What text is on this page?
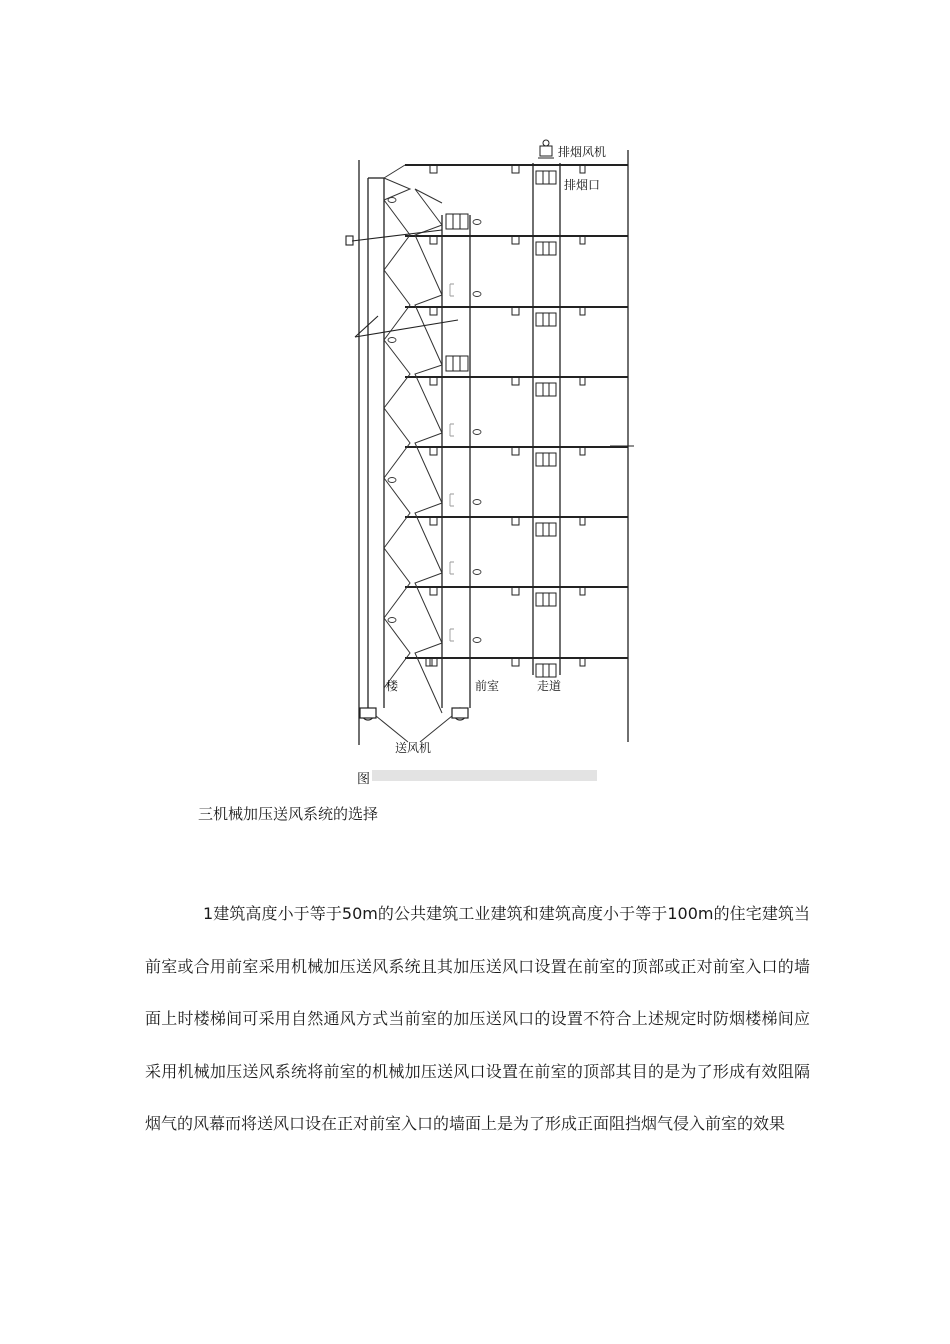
排烟风机
排烟口
楼	前室	走道
送风机
图
三机械加压送风系统的选择

1建筑高度小于等于50m的公共建筑工业建筑和建筑高度小于等于100m的住宅建筑当前室或合用前室采用机械加压送风系统且其加压送风口设置在前室的顶部或正对前室入口的墙面上时楼梯间可采用自然通风方式当前室的加压送风口的设置不符合上述规定时防烟楼梯间应采用机械加压送风系统将前室的机械加压送风口设置在前室的顶部其目的是为了形成有效阻隔烟气的风幕而将送风口设在正对前室入口的墙面上是为了形成正面阻挡烟气侵入前室的效果
